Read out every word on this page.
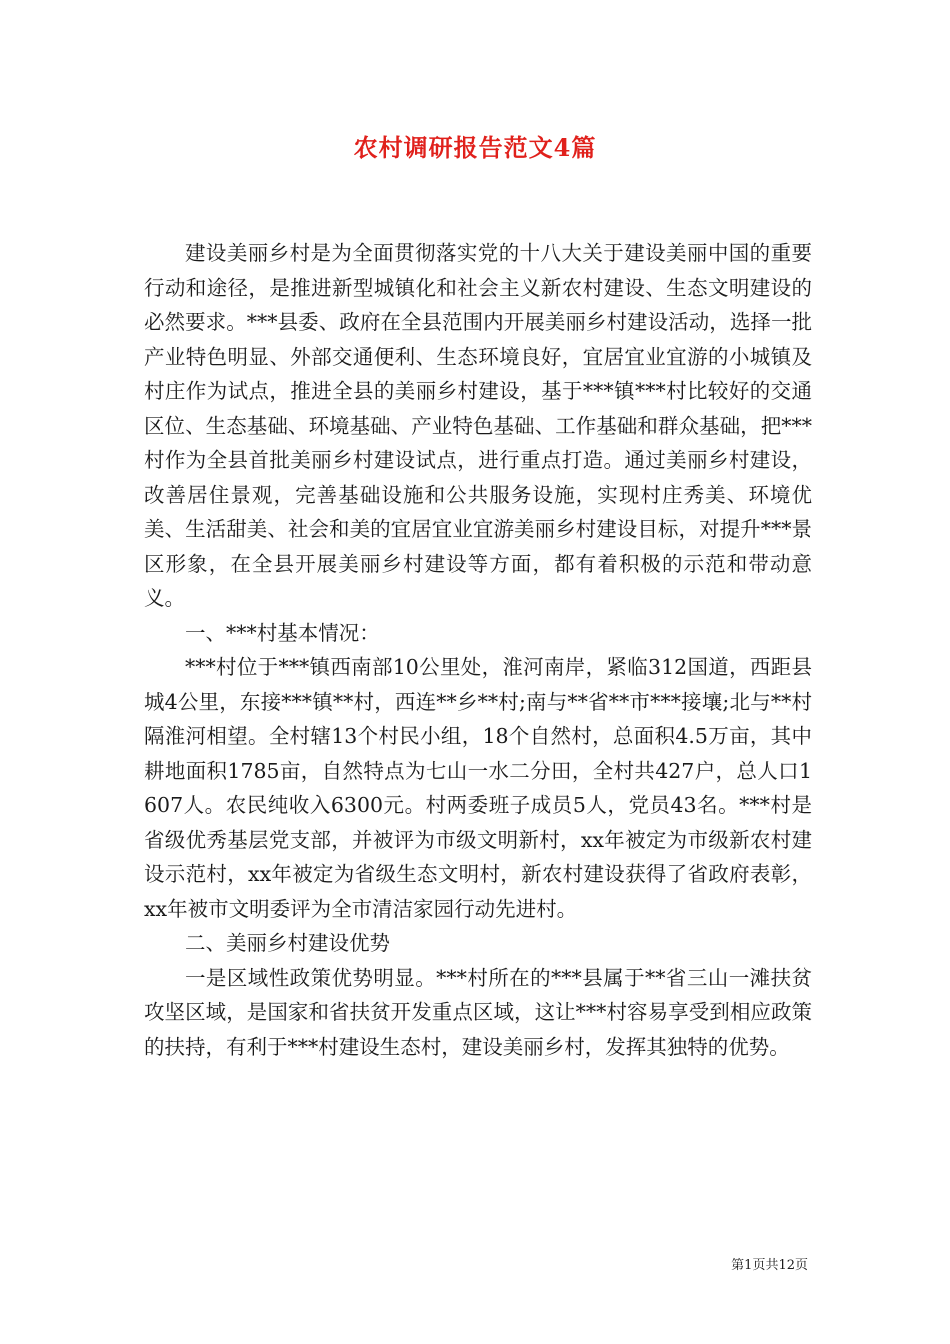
农村调研报告范文4篇

建设美丽乡村是为全面贯彻落实党的十八大关于建设美丽中国的重要行动和途径，是推进新型城镇化和社会主义新农村建设、生态文明建设的必然要求。***县委、政府在全县范围内开展美丽乡村建设活动，选择一批产业特色明显、外部交通便利、生态环境良好，宜居宜业宜游的小城镇及村庄作为试点，推进全县的美丽乡村建设，基于***镇***村比较好的交通区位、生态基础、环境基础、产业特色基础、工作基础和群众基础，把***村作为全县首批美丽乡村建设试点，进行重点打造。通过美丽乡村建设，改善居住景观，完善基础设施和公共服务设施，实现村庄秀美、环境优美、生活甜美、社会和美的宜居宜业宜游美丽乡村建设目标，对提升***景区形象，在全县开展美丽乡村建设等方面，都有着积极的示范和带动意义。

一、***村基本情况：

***村位于***镇西南部10公里处，淮河南岸，紧临312国道，西距县城4公里，东接***镇**村，西连**乡**村;南与**省**市***接壤;北与**村隔淮河相望。全村辖13个村民小组，18个自然村，总面积4.5万亩，其中耕地面积1785亩，自然特点为七山一水二分田，全村共427户，总人口1607人。农民纯收入6300元。村两委班子成员5人，党员43名。***村是省级优秀基层党支部，并被评为市级文明新村，xx年被定为市级新农村建设示范村，xx年被定为省级生态文明村，新农村建设获得了省政府表彰，xx年被市文明委评为全市清洁家园行动先进村。

二、美丽乡村建设优势

一是区域性政策优势明显。***村所在的***县属于**省三山一滩扶贫攻坚区域，是国家和省扶贫开发重点区域，这让***村容易享受到相应政策的扶持，有利于***村建设生态村，建设美丽乡村，发挥其独特的优势。

第1页共12页
